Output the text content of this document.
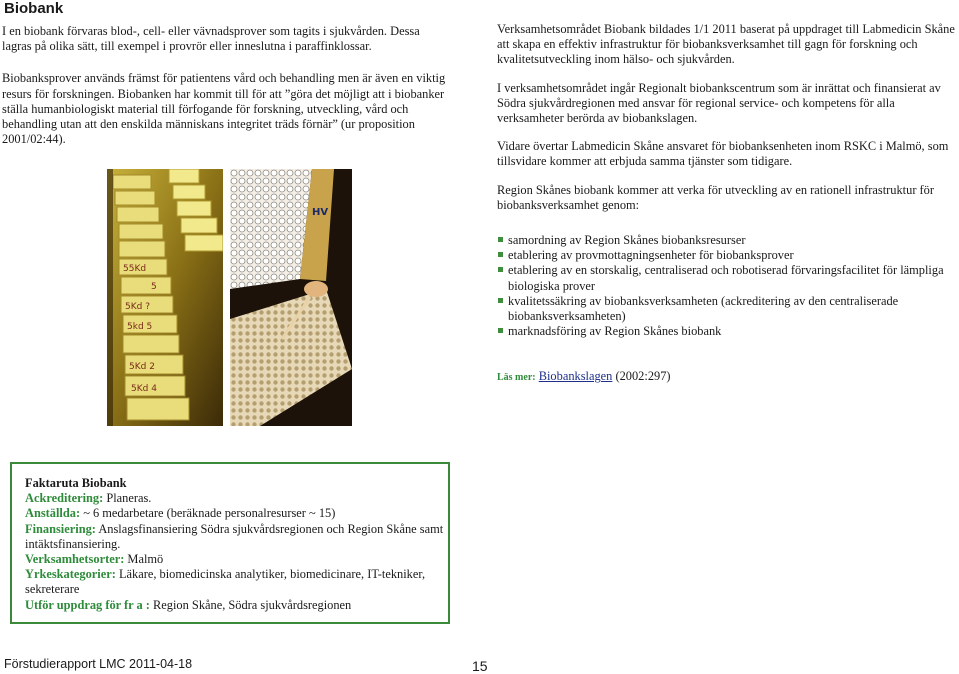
Biobank

I en biobank förvaras blod-, cell- eller vävnadsprover som tagits i sjukvården. Dessa lagras på olika sätt, till exempel i provrör eller inneslutna i paraffinklossar.

Biobanksprover används främst för patientens vård och behandling men är även en viktig resurs för forskningen. Biobanken har kommit till för att ”göra det möjligt att i biobanker ställa humanbiologiskt material till förfogande för forskning, utveckling, vård och behandling utan att den enskilda människans integritet träds förnär” (ur proposition 2001/02:44).

55Kd
5
5Kd ?
5kd 5
5Kd 2
5Kd 4
HV

Verksamhetsområdet Biobank bildades 1/1 2011 baserat på uppdraget till Labmedicin Skåne att skapa en effektiv infrastruktur för biobanksverksamhet till gagn för forskning och kvalitetsutveckling inom hälso- och sjukvården.

I verksamhetsområdet ingår Regionalt biobankscentrum som är inrättat och finansierat av Södra sjukvårdregionen med ansvar för regional service- och kompetens för alla verksamheter berörda av biobankslagen.

Vidare övertar Labmedicin Skåne ansvaret för biobanksenheten inom RSKC i Malmö, som tillsvidare kommer att erbjuda samma tjänster som tidigare.

Region Skånes biobank kommer att verka för utveckling av en rationell infrastruktur för biobanksverksamhet genom:

samordning av Region Skånes biobanksresurser
etablering av provmottagningsenheter för biobanksprover
etablering av en storskalig, centraliserad och robotiserad förvaringsfacilitet för lämpliga biologiska prover
kvalitetssäkring av biobanksverksamheten (ackreditering av den centraliserade biobanksverksamheten)
marknadsföring av Region Skånes biobank
Läs mer: Biobankslagen (2002:297)
Faktaruta Biobank
Ackreditering: Planeras.
Anställda: ~ 6 medarbetare (beräknade personalresurser ~ 15)
Finansiering: Anslagsfinansiering Södra sjukvårdsregionen och Region Skåne samt intäktsfinansiering.
Verksamhetsorter: Malmö
Yrkeskategorier: Läkare, biomedicinska analytiker, biomedicinare, IT-tekniker, sekreterare
Utför uppdrag för fr a : Region Skåne, Södra sjukvårdsregionen
Förstudierapport LMC 2011-04-18	15
